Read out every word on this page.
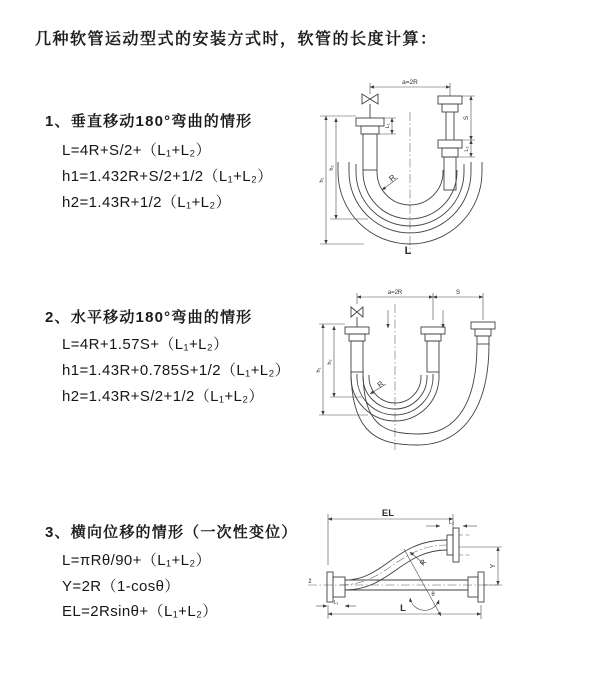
几种软管运动型式的安装方式时，软管的长度计算：
1、垂直移动180°弯曲的情形
L=4R+S/2+（L₁+L₂）
h1=1.432R+S/2+1/2（L₁+L₂）
h2=1.43R+1/2（L₁+L₂）
a=2R
L₁
S
L₂
h₁
h₂
R
L
2、水平移动180°弯曲的情形
L=4R+1.57S+（L₁+L₂）
h1=1.43R+0.785S+1/2（L₁+L₂）
h2=1.43R+S/2+1/2（L₁+L₂）
a=2R	S
h₁
h₂
R
3、横向位移的情形（一次性变位）
L=πRθ/90+（L₁+L₂）
Y=2R（1-cosθ）
EL=2Rsinθ+（L₁+L₂）
EL
L₂
Y
R
θ
L
L₁
z̄
